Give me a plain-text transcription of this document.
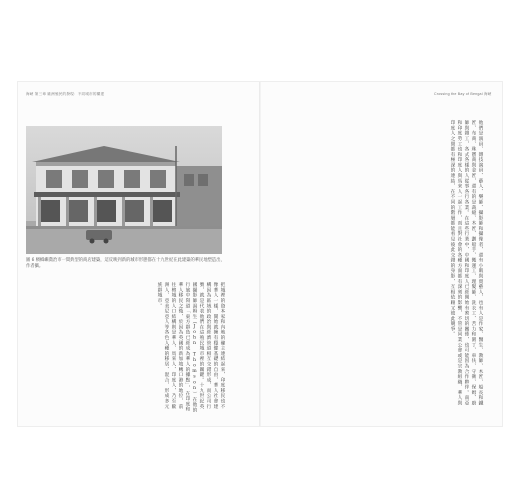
海峽 第三章 歐洲殖民的發現：不同城市的構建
圖 6 檳榔嶼喬治市一間典型的商店建築，這反映到新的城市形態都在十九世紀在此建築的華民地塑造出，作者攝。
把城裡的資本家和內地的礦主連結起來，印度移民也不像華人一樣，開始就擁有穩健基礎的自由，華人社會建構因為區域的政治與經濟管道相互交錯形成，而公司行號，就是代表他們在這殖民城市裡的關鍵。十九世紀英國攝影師湯姆生（John Thomson）在他的行旅中寫道「東方群島已經成為華人的據點」，在印度和華人移民之後，於因為英國的新加坡轉口港的地位，前往檳城的人口結構則是華人、馬來人、印度人，乃至歐洲人、亞美尼亞人等各色人種的移居、混合，形成多元族群城市。
Crossing the Bay of Bengal 海峽
他們是演員、雜技演員、藝人、樂師、攝影師和攝像者，還有小販與賣藝人，也有人是作家、醫生、教師、木匠、船長和鐵匠、布商、珠寶商與金匠，還有的是裁縫、木匠、劃船手、搬運工、理髮師、洗衣工、苦力和園丁、車伕、守衛、保姆、廚師與雜工，各式各樣的人從事各行各業。在這些行業中，中國和印度人已經開始有密切的關係，也可能因為合作夥伴。南亞和印度勞工也和印度人與馬來人一起工作，而且對社會的各種方面都有深刻的影響，不管是同業公會或是宗教組織，華人與印度人之間都有極深的連結，在不同的階層都能看見彼此交錯的身影，互相依賴又彼此競爭。
